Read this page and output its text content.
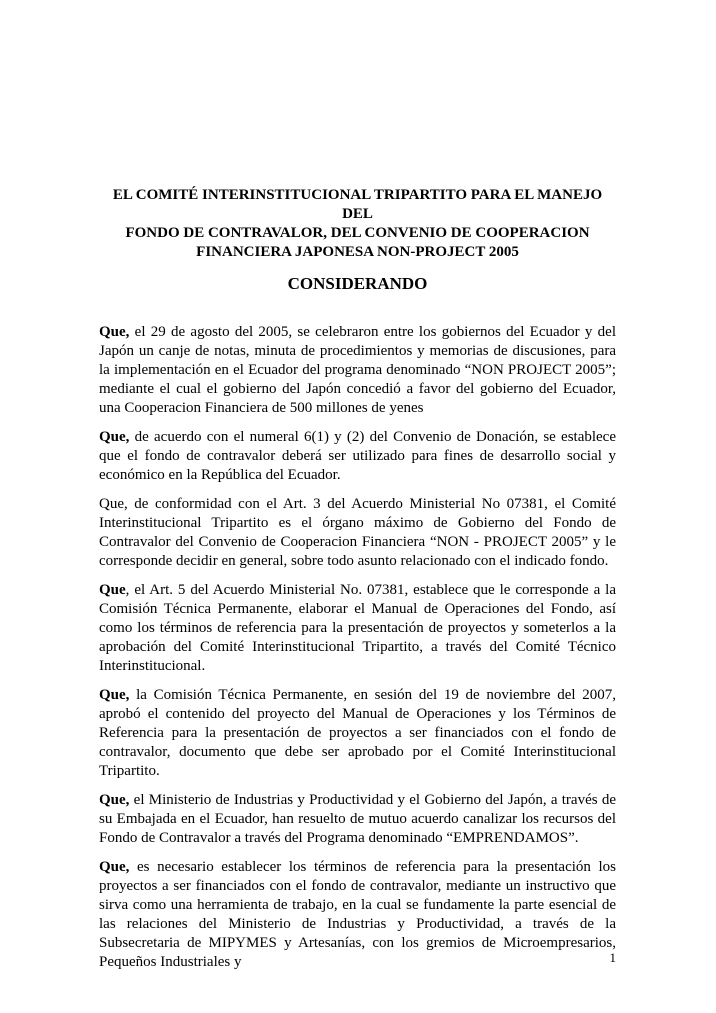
EL COMITÉ INTERINSTITUCIONAL TRIPARTITO PARA EL MANEJO DEL
FONDO DE CONTRAVALOR, DEL CONVENIO DE COOPERACION
FINANCIERA JAPONESA NON-PROJECT 2005
CONSIDERANDO

Que, el 29 de agosto del 2005, se celebraron entre los gobiernos del Ecuador y del Japón un canje de notas, minuta de procedimientos y memorias de discusiones, para la implementación en el Ecuador del programa denominado “NON PROJECT 2005”; mediante el cual el gobierno del Japón concedió a favor del gobierno del Ecuador, una Cooperacion Financiera de 500 millones de yenes

Que, de acuerdo con el numeral 6(1) y (2) del Convenio de Donación, se establece que el fondo de contravalor deberá ser utilizado para fines de desarrollo social y económico en la República del Ecuador.

Que, de conformidad con el Art. 3 del Acuerdo Ministerial No 07381, el Comité Interinstitucional Tripartito es el órgano máximo de Gobierno del Fondo de Contravalor del Convenio de Cooperacion Financiera “NON - PROJECT 2005” y le corresponde decidir en general, sobre todo asunto relacionado con el indicado fondo.

Que, el Art. 5 del Acuerdo Ministerial No. 07381, establece que le corresponde a la Comisión Técnica Permanente, elaborar el Manual de Operaciones del Fondo, así como los términos de referencia para la presentación de proyectos y someterlos a la aprobación del Comité Interinstitucional Tripartito, a través del Comité Técnico Interinstitucional.

Que, la Comisión Técnica Permanente, en sesión del 19 de noviembre del 2007, aprobó el contenido del proyecto del Manual de Operaciones y los Términos de Referencia para la presentación de proyectos a ser financiados con el fondo de contravalor, documento que debe ser aprobado por el Comité Interinstitucional Tripartito.

Que, el Ministerio de Industrias y Productividad y el Gobierno del Japón, a través de su Embajada en el Ecuador, han resuelto de mutuo acuerdo canalizar los recursos del Fondo de Contravalor a través del Programa denominado “EMPRENDAMOS”.

Que, es necesario establecer los términos de referencia para la presentación los proyectos a ser financiados con el fondo de contravalor, mediante un instructivo que sirva como una herramienta de trabajo, en la cual se fundamente la parte esencial de las relaciones del Ministerio de Industrias y Productividad, a través de la Subsecretaria de MIPYMES y Artesanías, con los gremios de Microempresarios, Pequeños Industriales y	1
